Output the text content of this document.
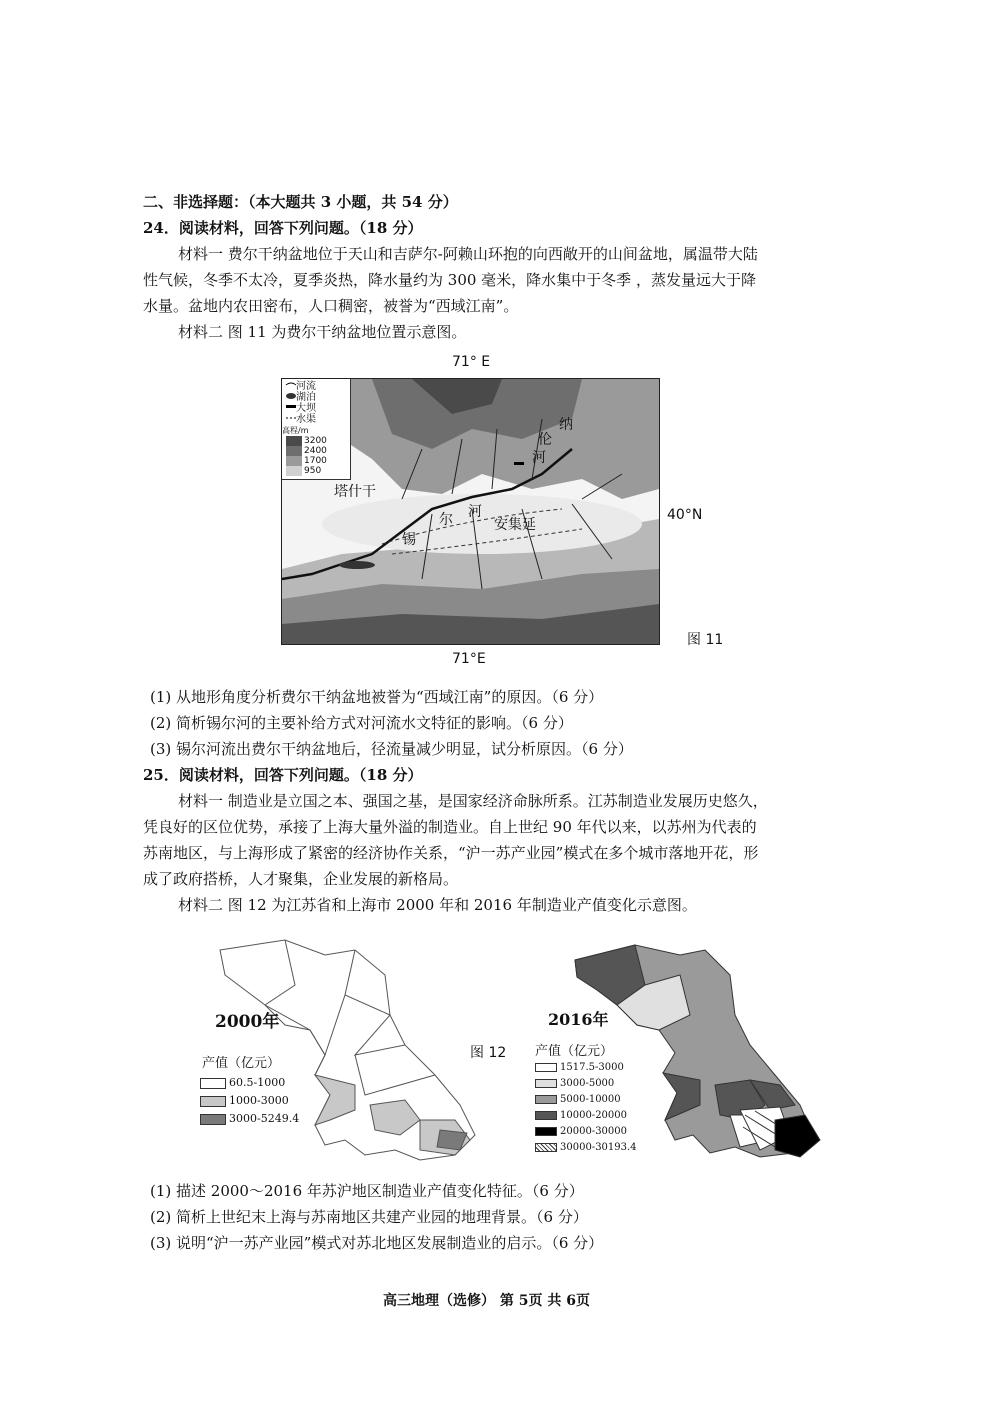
二、非选择题：（本大题共 3 小题，共 54 分）
24．阅读材料，回答下列问题。（18 分）
材料一 费尔干纳盆地位于天山和吉萨尔-阿赖山环抱的向西敞开的山间盆地，属温带大陆
性气候，冬季不太冷，夏季炎热，降水量约为 300 毫米，降水集中于冬季 ，蒸发量远大于降
水量。盆地内农田密布，人口稠密，被誉为“西域江南”。
材料二 图 11 为费尔干纳盆地位置示意图。
71° E
河流
湖泊
大坝
水渠
高程/m
3200
2400
1700
950
塔什干
安集延
尔 河
锡
纳
伦
河
40°N
图 11
71°E
(1) 从地形角度分析费尔干纳盆地被誉为“西域江南”的原因。（6 分）
(2) 简析锡尔河的主要补给方式对河流水文特征的影响。（6 分）
(3) 锡尔河流出费尔干纳盆地后，径流量减少明显，试分析原因。（6 分）
25．阅读材料，回答下列问题。（18 分）
材料一 制造业是立国之本、强国之基，是国家经济命脉所系。江苏制造业发展历史悠久，
凭良好的区位优势，承接了上海大量外溢的制造业。自上世纪 90 年代以来，以苏州为代表的
苏南地区，与上海形成了紧密的经济协作关系，“沪一苏产业园”模式在多个城市落地开花，形
成了政府搭桥，人才聚集，企业发展的新格局。
材料二 图 12 为江苏省和上海市 2000 年和 2016 年制造业产值变化示意图。
2000年
产值（亿元）
60.5-1000
1000-3000
3000-5249.4
图 12
2016年
产值（亿元）
1517.5-3000
3000-5000
5000-10000
10000-20000
20000-30000
30000-30193.4
(1) 描述 2000～2016 年苏沪地区制造业产值变化特征。（6 分）
(2) 简析上世纪末上海与苏南地区共建产业园的地理背景。（6 分）
(3) 说明“沪一苏产业园”模式对苏北地区发展制造业的启示。（6 分）
高三地理（选修） 第 5页 共 6页
